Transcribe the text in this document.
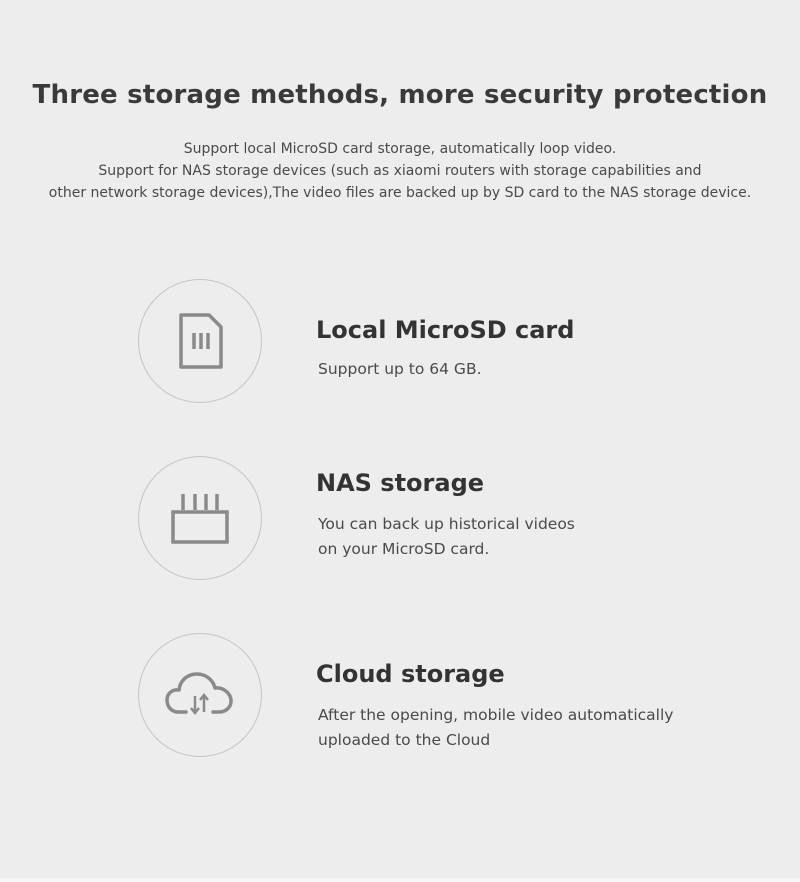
Three storage methods, more security protection
Support local MicroSD card storage, automatically loop video.
Support for NAS storage devices (such as xiaomi routers with storage capabilities and
other network storage devices),The video files are backed up by SD card to the NAS storage device.
Local MicroSD card
Support up to 64 GB.
NAS storage
You can back up historical videos
on your MicroSD card.
Cloud storage
After the opening, mobile video automatically
uploaded to the Cloud
